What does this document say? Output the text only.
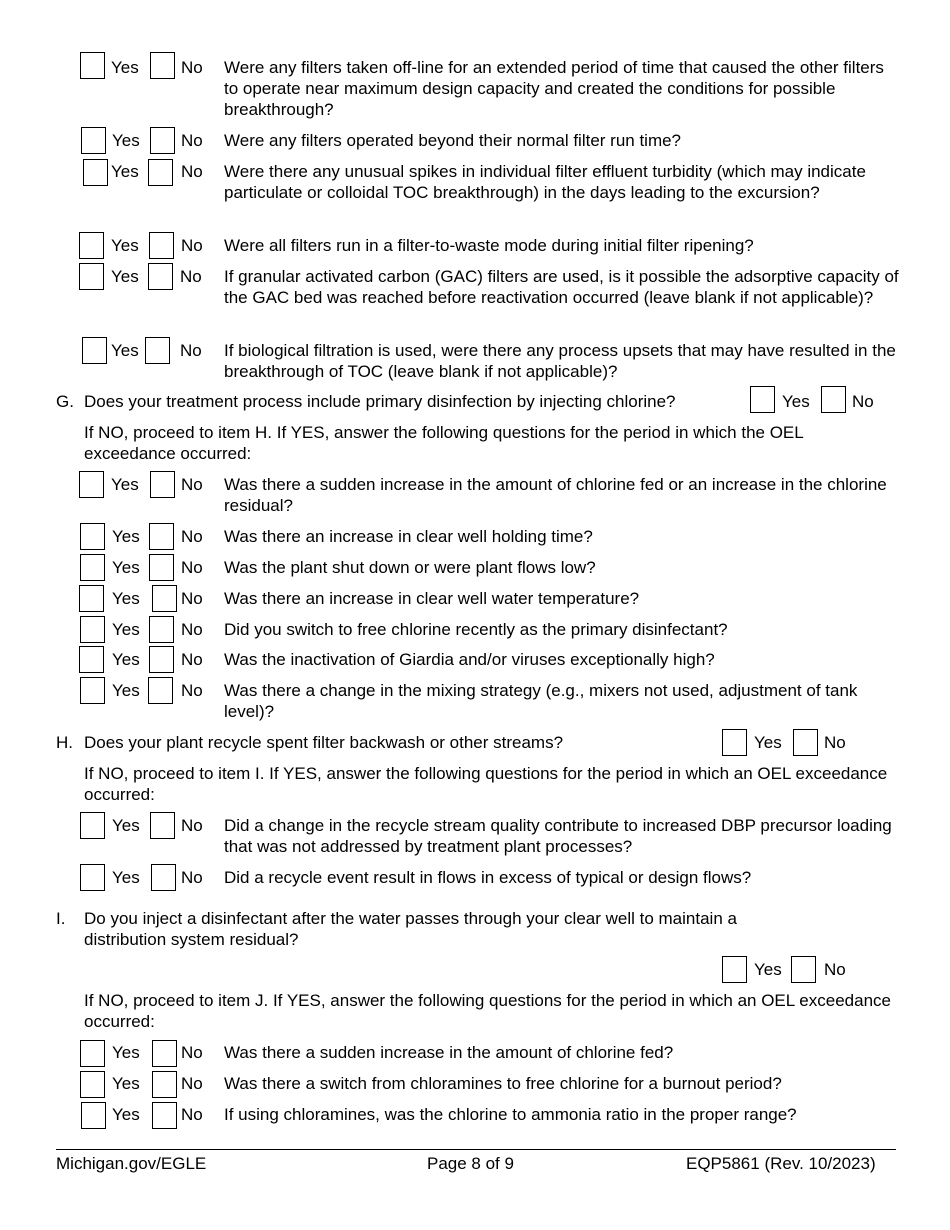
Yes No Were any filters taken off-line for an extended period of time that caused the other filters to operate near maximum design capacity and created the conditions for possible breakthrough?
Yes No Were any filters operated beyond their normal filter run time?
Yes No Were there any unusual spikes in individual filter effluent turbidity (which may indicate particulate or colloidal TOC breakthrough) in the days leading to the excursion?
Yes No Were all filters run in a filter-to-waste mode during initial filter ripening?
Yes No If granular activated carbon (GAC) filters are used, is it possible the adsorptive capacity of the GAC bed was reached before reactivation occurred (leave blank if not applicable)?
Yes No If biological filtration is used, were there any process upsets that may have resulted in the breakthrough of TOC (leave blank if not applicable)?
G. Does your treatment process include primary disinfection by injecting chlorine?	Yes No
If NO, proceed to item H. If YES, answer the following questions for the period in which the OEL exceedance occurred:
Yes No Was there a sudden increase in the amount of chlorine fed or an increase in the chlorine residual?
Yes No Was there an increase in clear well holding time?
Yes No Was the plant shut down or were plant flows low?
Yes No Was there an increase in clear well water temperature?
Yes No Did you switch to free chlorine recently as the primary disinfectant?
Yes No Was the inactivation of Giardia and/or viruses exceptionally high?
Yes No Was there a change in the mixing strategy (e.g., mixers not used, adjustment of tank level)?
H. Does your plant recycle spent filter backwash or other streams?	Yes No
If NO, proceed to item I. If YES, answer the following questions for the period in which an OEL exceedance occurred:
Yes No Did a change in the recycle stream quality contribute to increased DBP precursor loading that was not addressed by treatment plant processes?
Yes No Did a recycle event result in flows in excess of typical or design flows?
I. Do you inject a disinfectant after the water passes through your clear well to maintain a distribution system residual?
Yes No
If NO, proceed to item J. If YES, answer the following questions for the period in which an OEL exceedance occurred:
Yes No Was there a sudden increase in the amount of chlorine fed?
Yes No Was there a switch from chloramines to free chlorine for a burnout period?
Yes No If using chloramines, was the chlorine to ammonia ratio in the proper range?
Michigan.gov/EGLE	Page 8 of 9	EQP5861 (Rev. 10/2023)
